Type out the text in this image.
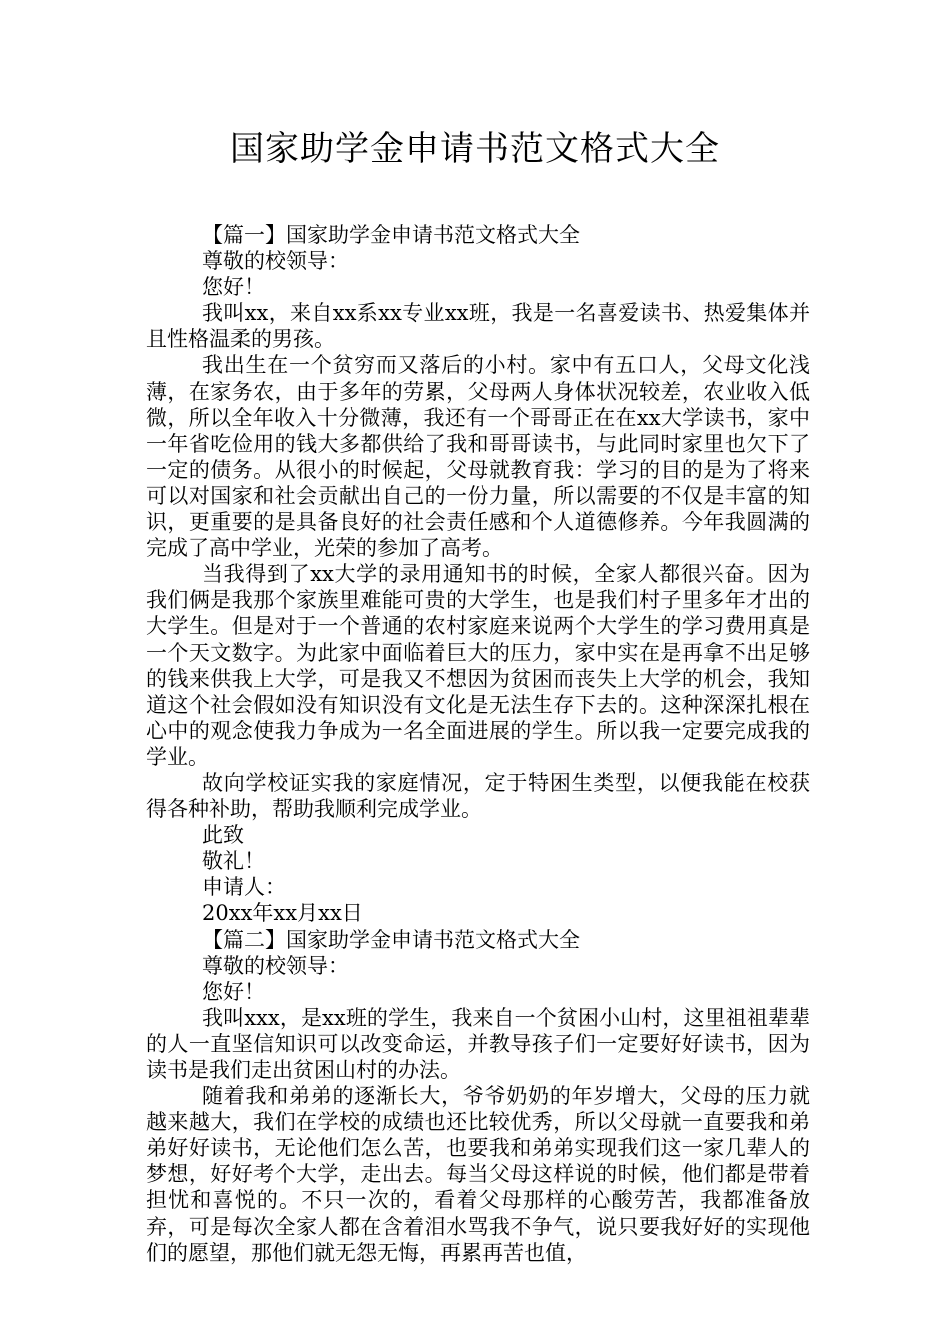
国家助学金申请书范文格式大全

【篇一】国家助学金申请书范文格式大全

尊敬的校领导：

您好！

我叫xx，来自xx系xx专业xx班，我是一名喜爱读书、热爱集体并且性格温柔的男孩。

我出生在一个贫穷而又落后的小村。家中有五口人，父母文化浅薄，在家务农，由于多年的劳累，父母两人身体状况较差，农业收入低微，所以全年收入十分微薄，我还有一个哥哥正在在xx大学读书，家中一年省吃俭用的钱大多都供给了我和哥哥读书，与此同时家里也欠下了一定的债务。从很小的时候起，父母就教育我：学习的目的是为了将来可以对国家和社会贡献出自己的一份力量，所以需要的不仅是丰富的知识，更重要的是具备良好的社会责任感和个人道德修养。今年我圆满的完成了高中学业，光荣的参加了高考。

当我得到了xx大学的录用通知书的时候，全家人都很兴奋。因为我们俩是我那个家族里难能可贵的大学生，也是我们村子里多年才出的大学生。但是对于一个普通的农村家庭来说两个大学生的学习费用真是一个天文数字。为此家中面临着巨大的压力，家中实在是再拿不出足够的钱来供我上大学，可是我又不想因为贫困而丧失上大学的机会，我知道这个社会假如没有知识没有文化是无法生存下去的。这种深深扎根在心中的观念使我力争成为一名全面进展的学生。所以我一定要完成我的学业。

故向学校证实我的家庭情况，定于特困生类型，以便我能在校获得各种补助，帮助我顺利完成学业。

此致

敬礼！

申请人：

20xx年xx月xx日

【篇二】国家助学金申请书范文格式大全

尊敬的校领导：

您好！

我叫xxx，是xx班的学生，我来自一个贫困小山村，这里祖祖辈辈的人一直坚信知识可以改变命运，并教导孩子们一定要好好读书，因为读书是我们走出贫困山村的办法。

随着我和弟弟的逐渐长大，爷爷奶奶的年岁增大，父母的压力就越来越大，我们在学校的成绩也还比较优秀，所以父母就一直要我和弟弟好好读书，无论他们怎么苦，也要我和弟弟实现我们这一家几辈人的梦想，好好考个大学，走出去。每当父母这样说的时候，他们都是带着担忧和喜悦的。不只一次的，看着父母那样的心酸劳苦，我都准备放弃，可是每次全家人都在含着泪水骂我不争气，说只要我好好的实现他们的愿望，那他们就无怨无悔，再累再苦也值，
